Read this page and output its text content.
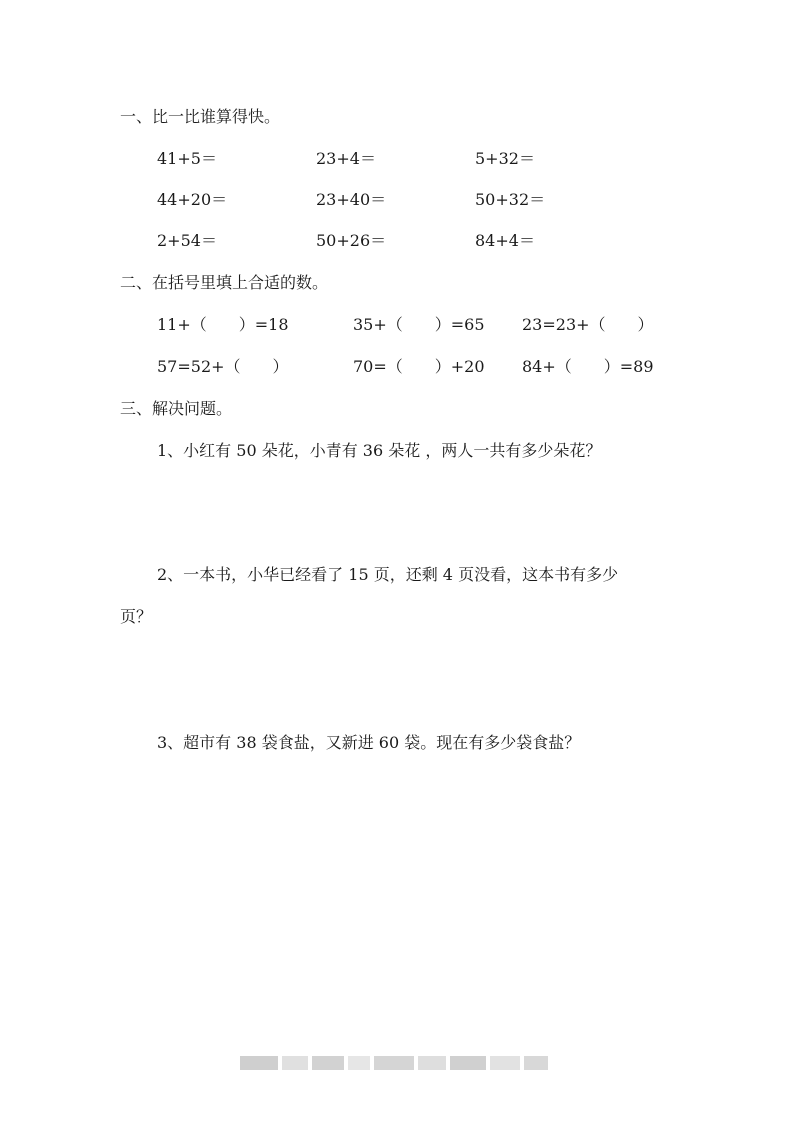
一、比一比谁算得快。
41+5＝	23+4＝	5+32＝
44+20＝	23+40＝	50+32＝
2+54＝	50+26＝	84+4＝
二、在括号里填上合适的数。
11+（　　）=18	35+（　　）=65 23=23+（　　）
57=52+（　　）	70=（　　）+20 84+（　　）=89
三、解决问题。
1、小红有 50 朵花，小青有 36 朵花 ，两人一共有多少朵花？
2、一本书，小华已经看了 15 页，还剩 4 页没看，这本书有多少
页？
3、超市有 38 袋食盐，又新进 60 袋。现在有多少袋食盐？
